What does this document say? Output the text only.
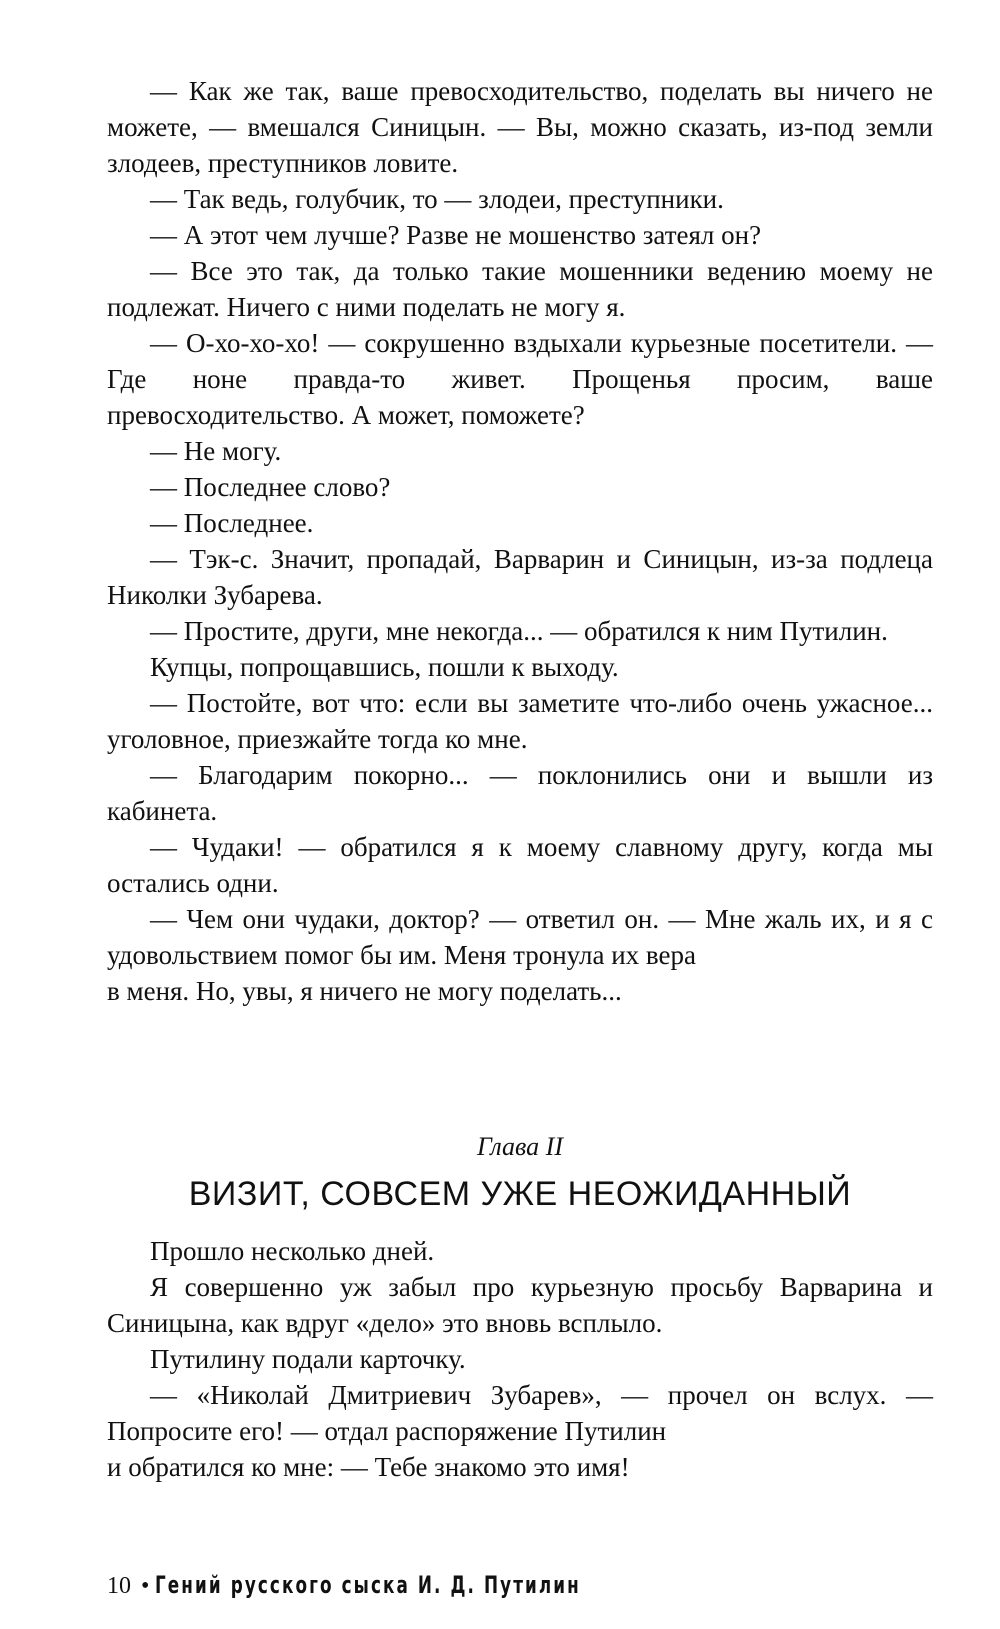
— Как же так, ваше превосходительство, поделать вы ничего не можете, — вмешался Синицын. — Вы, можно сказать, из-под земли злодеев, преступников ловите.

— Так ведь, голубчик, то — злодеи, преступники.

— А этот чем лучше? Разве не мошенство затеял он?

— Все это так, да только такие мошенники ведению моему не подлежат. Ничего с ними поделать не могу я.

— О-хо-хо-хо! — сокрушенно вздыхали курьезные посетители. — Где ноне правда-то живет. Прощенья просим, ваше превосходительство. А может, поможете?

— Не могу.

— Последнее слово?

— Последнее.

— Тэк-с. Значит, пропадай, Варварин и Синицын, из-за подлеца Николки Зубарева.

— Простите, други, мне некогда... — обратился к ним Путилин.

Купцы, попрощавшись, пошли к выходу.

— Постойте, вот что: если вы заметите что-либо очень ужасное... уголовное, приезжайте тогда ко мне.

— Благодарим покорно... — поклонились они и вышли из кабинета.

— Чудаки! — обратился я к моему славному другу, когда мы остались одни.

— Чем они чудаки, доктор? — ответил он. — Мне жаль их, и я с удовольствием помог бы им. Меня тронула их вера
в меня. Но, увы, я ничего не могу поделать...

Глава II
ВИЗИТ, СОВСЕМ УЖЕ НЕОЖИДАННЫЙ

Прошло несколько дней.

Я совершенно уж забыл про курьезную просьбу Варварина и Синицына, как вдруг «дело» это вновь всплыло.

Путилину подали карточку.

— «Николай Дмитриевич Зубарев», — прочел он вслух. — Попросите его! — отдал распоряжение Путилин
и обратился ко мне: — Тебе знакомо это имя!

10 • Гений русского сыска И. Д. Путилин
